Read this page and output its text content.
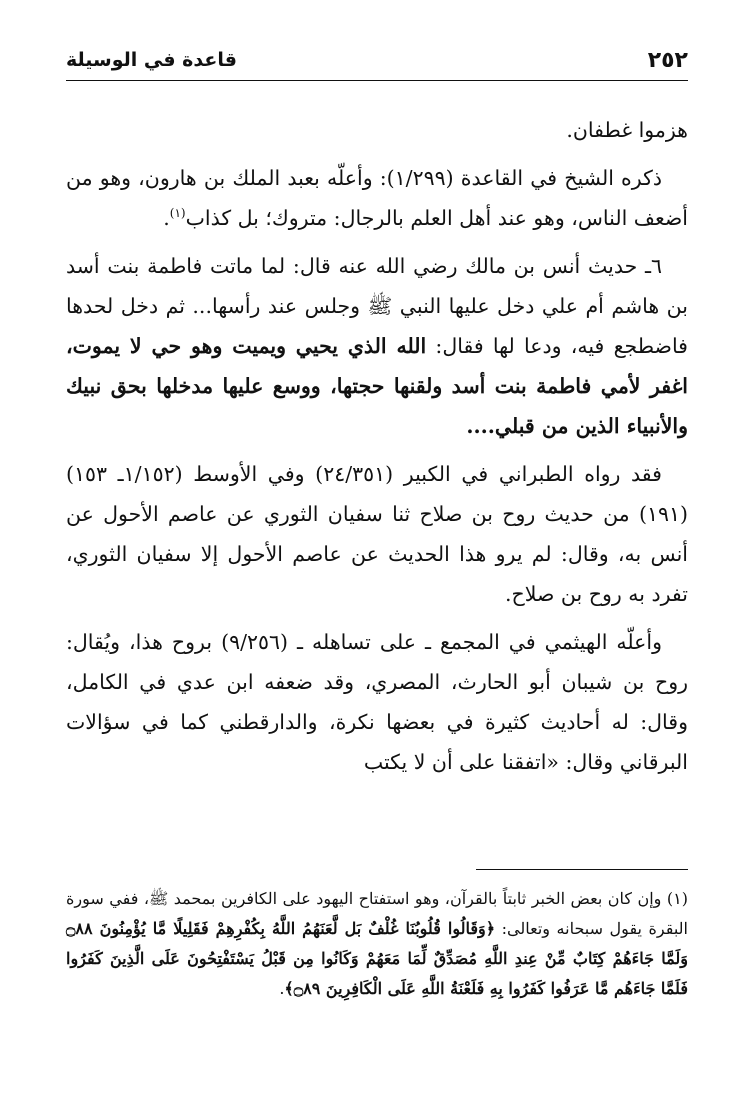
٢٥٢
قاعدة في الوسيلة

هزموا غطفان.

ذكره الشيخ في القاعدة (١/٢٩٩): وأعلّه بعبد الملك بن هارون، وهو من أضعف الناس، وهو عند أهل العلم بالرجال: متروك؛ بل كذاب$^{(١)}$.

٦ـ حديث أنس بن مالك رضي الله عنه قال: لما ماتت فاطمة بنت أسد بن هاشم أم علي دخل عليها النبي ﷺ وجلس عند رأسها... ثم دخل لحدها فاضطجع فيه، ودعا لها فقال: الله الذي يحيي ويميت وهو حي لا يموت، اغفر لأمي فاطمة بنت أسد ولقنها حجتها، ووسع عليها مدخلها بحق نبيك والأنبياء الذين من قبلي....

فقد رواه الطبراني في الكبير (٢٤/٣٥١) وفي الأوسط (١/١٥٢ـ ١٥٣) (١٩١) من حديث روح بن صلاح ثنا سفيان الثوري عن عاصم الأحول عن أنس به، وقال: لم يرو هذا الحديث عن عاصم الأحول إلا سفيان الثوري، تفرد به روح بن صلاح.

وأعلّه الهيثمي في المجمع ـ على تساهله ـ (٩/٢٥٦) بروح هذا، ويُقال: روح بن شيبان أبو الحارث، المصري، وقد ضعفه ابن عدي في الكامل، وقال: له أحاديث كثيرة في بعضها نكرة، والدارقطني كما في سؤالات البرقاني وقال: «اتفقنا على أن لا يكتب

(١) وإن كان بعض الخبر ثابتاً بالقرآن، وهو استفتاح اليهود على الكافرين بمحمد ﷺ، ففي سورة البقرة يقول سبحانه وتعالى: ﴿وَقَالُوا قُلُوبُنَا غُلْفٌ بَل لَّعَنَهُمُ اللَّهُ بِكُفْرِهِمْ فَقَلِيلًا مَّا يُؤْمِنُونَ ۝٨٨ وَلَمَّا جَاءَهُمْ كِتَابٌ مِّنْ عِندِ اللَّهِ مُصَدِّقٌ لِّمَا مَعَهُمْ وَكَانُوا مِن قَبْلُ يَسْتَفْتِحُونَ عَلَى الَّذِينَ كَفَرُوا فَلَمَّا جَاءَهُم مَّا عَرَفُوا كَفَرُوا بِهِ فَلَعْنَةُ اللَّهِ عَلَى الْكَافِرِينَ ۝٨٩﴾.
